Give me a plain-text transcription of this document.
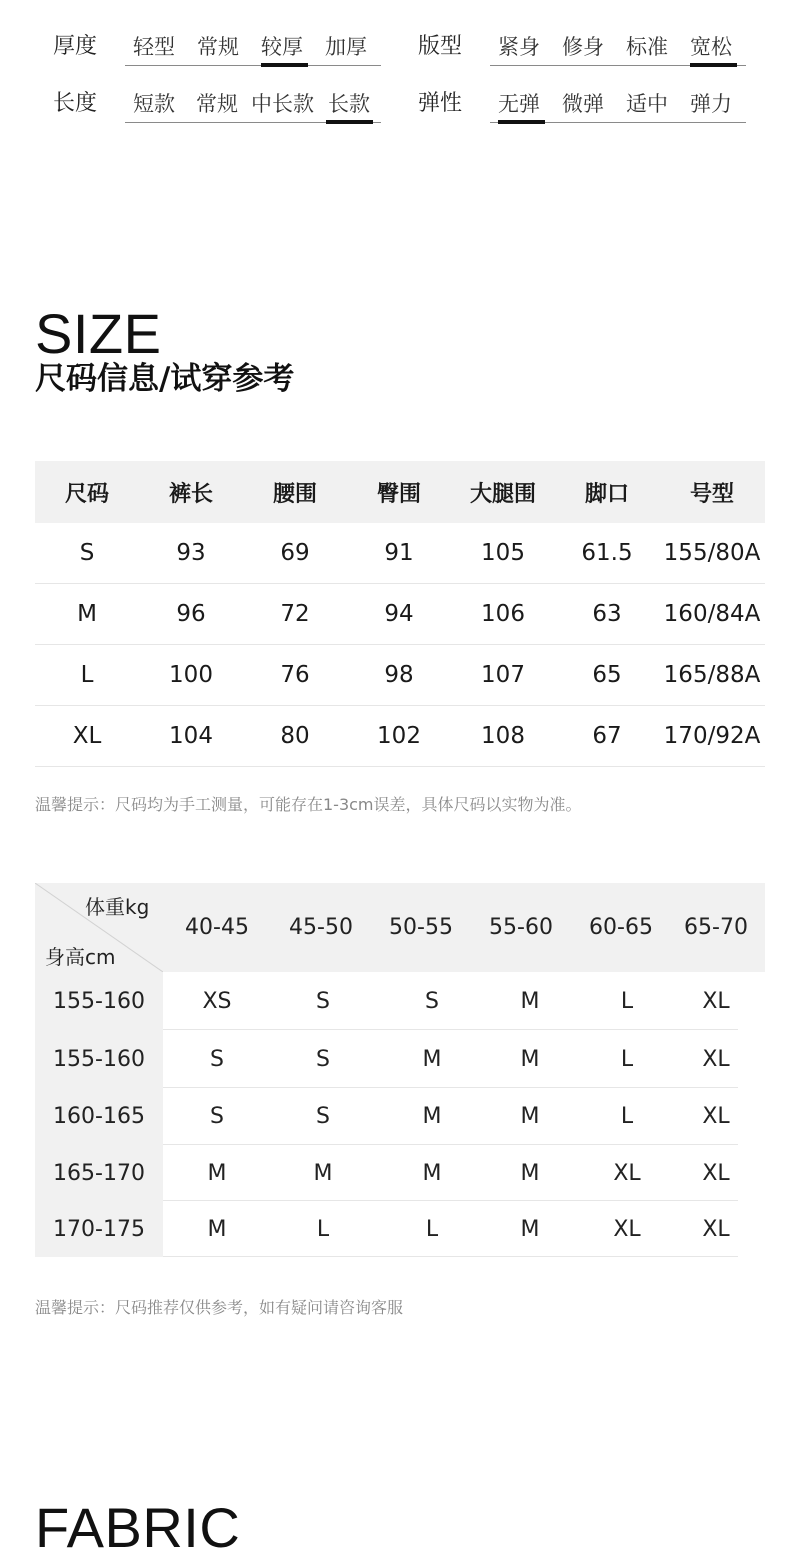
厚度 轻型 常规 较厚 加厚 版型 紧身 修身 标准 宽松
长度 短款 常规 中长款 长款 弹性 无弹 微弹 适中 弹力
SIZE
尺码信息/试穿参考
尺码	裤长	腰围	臀围	大腿围	脚口	号型
S	93	69	91	105	61.5	155/80A
M	96	72	94	106	63	160/84A
L	100	76	98	107	65	165/88A
XL	104	80	102	108	67	170/92A
温馨提示：尺码均为手工测量，可能存在1-3cm误差，具体尺码以实物为准。
体重kg
身高cm
40-45	45-50	50-55	55-60	60-65	65-70
155-160	XS	S	S	M	L	XL
155-160	S	S	M	M	L	XL
160-165	S	S	M	M	L	XL
165-170	M	M	M	M	XL	XL
170-175	M	L	L	M	XL	XL
温馨提示：尺码推荐仅供参考，如有疑问请咨询客服
FABRIC
